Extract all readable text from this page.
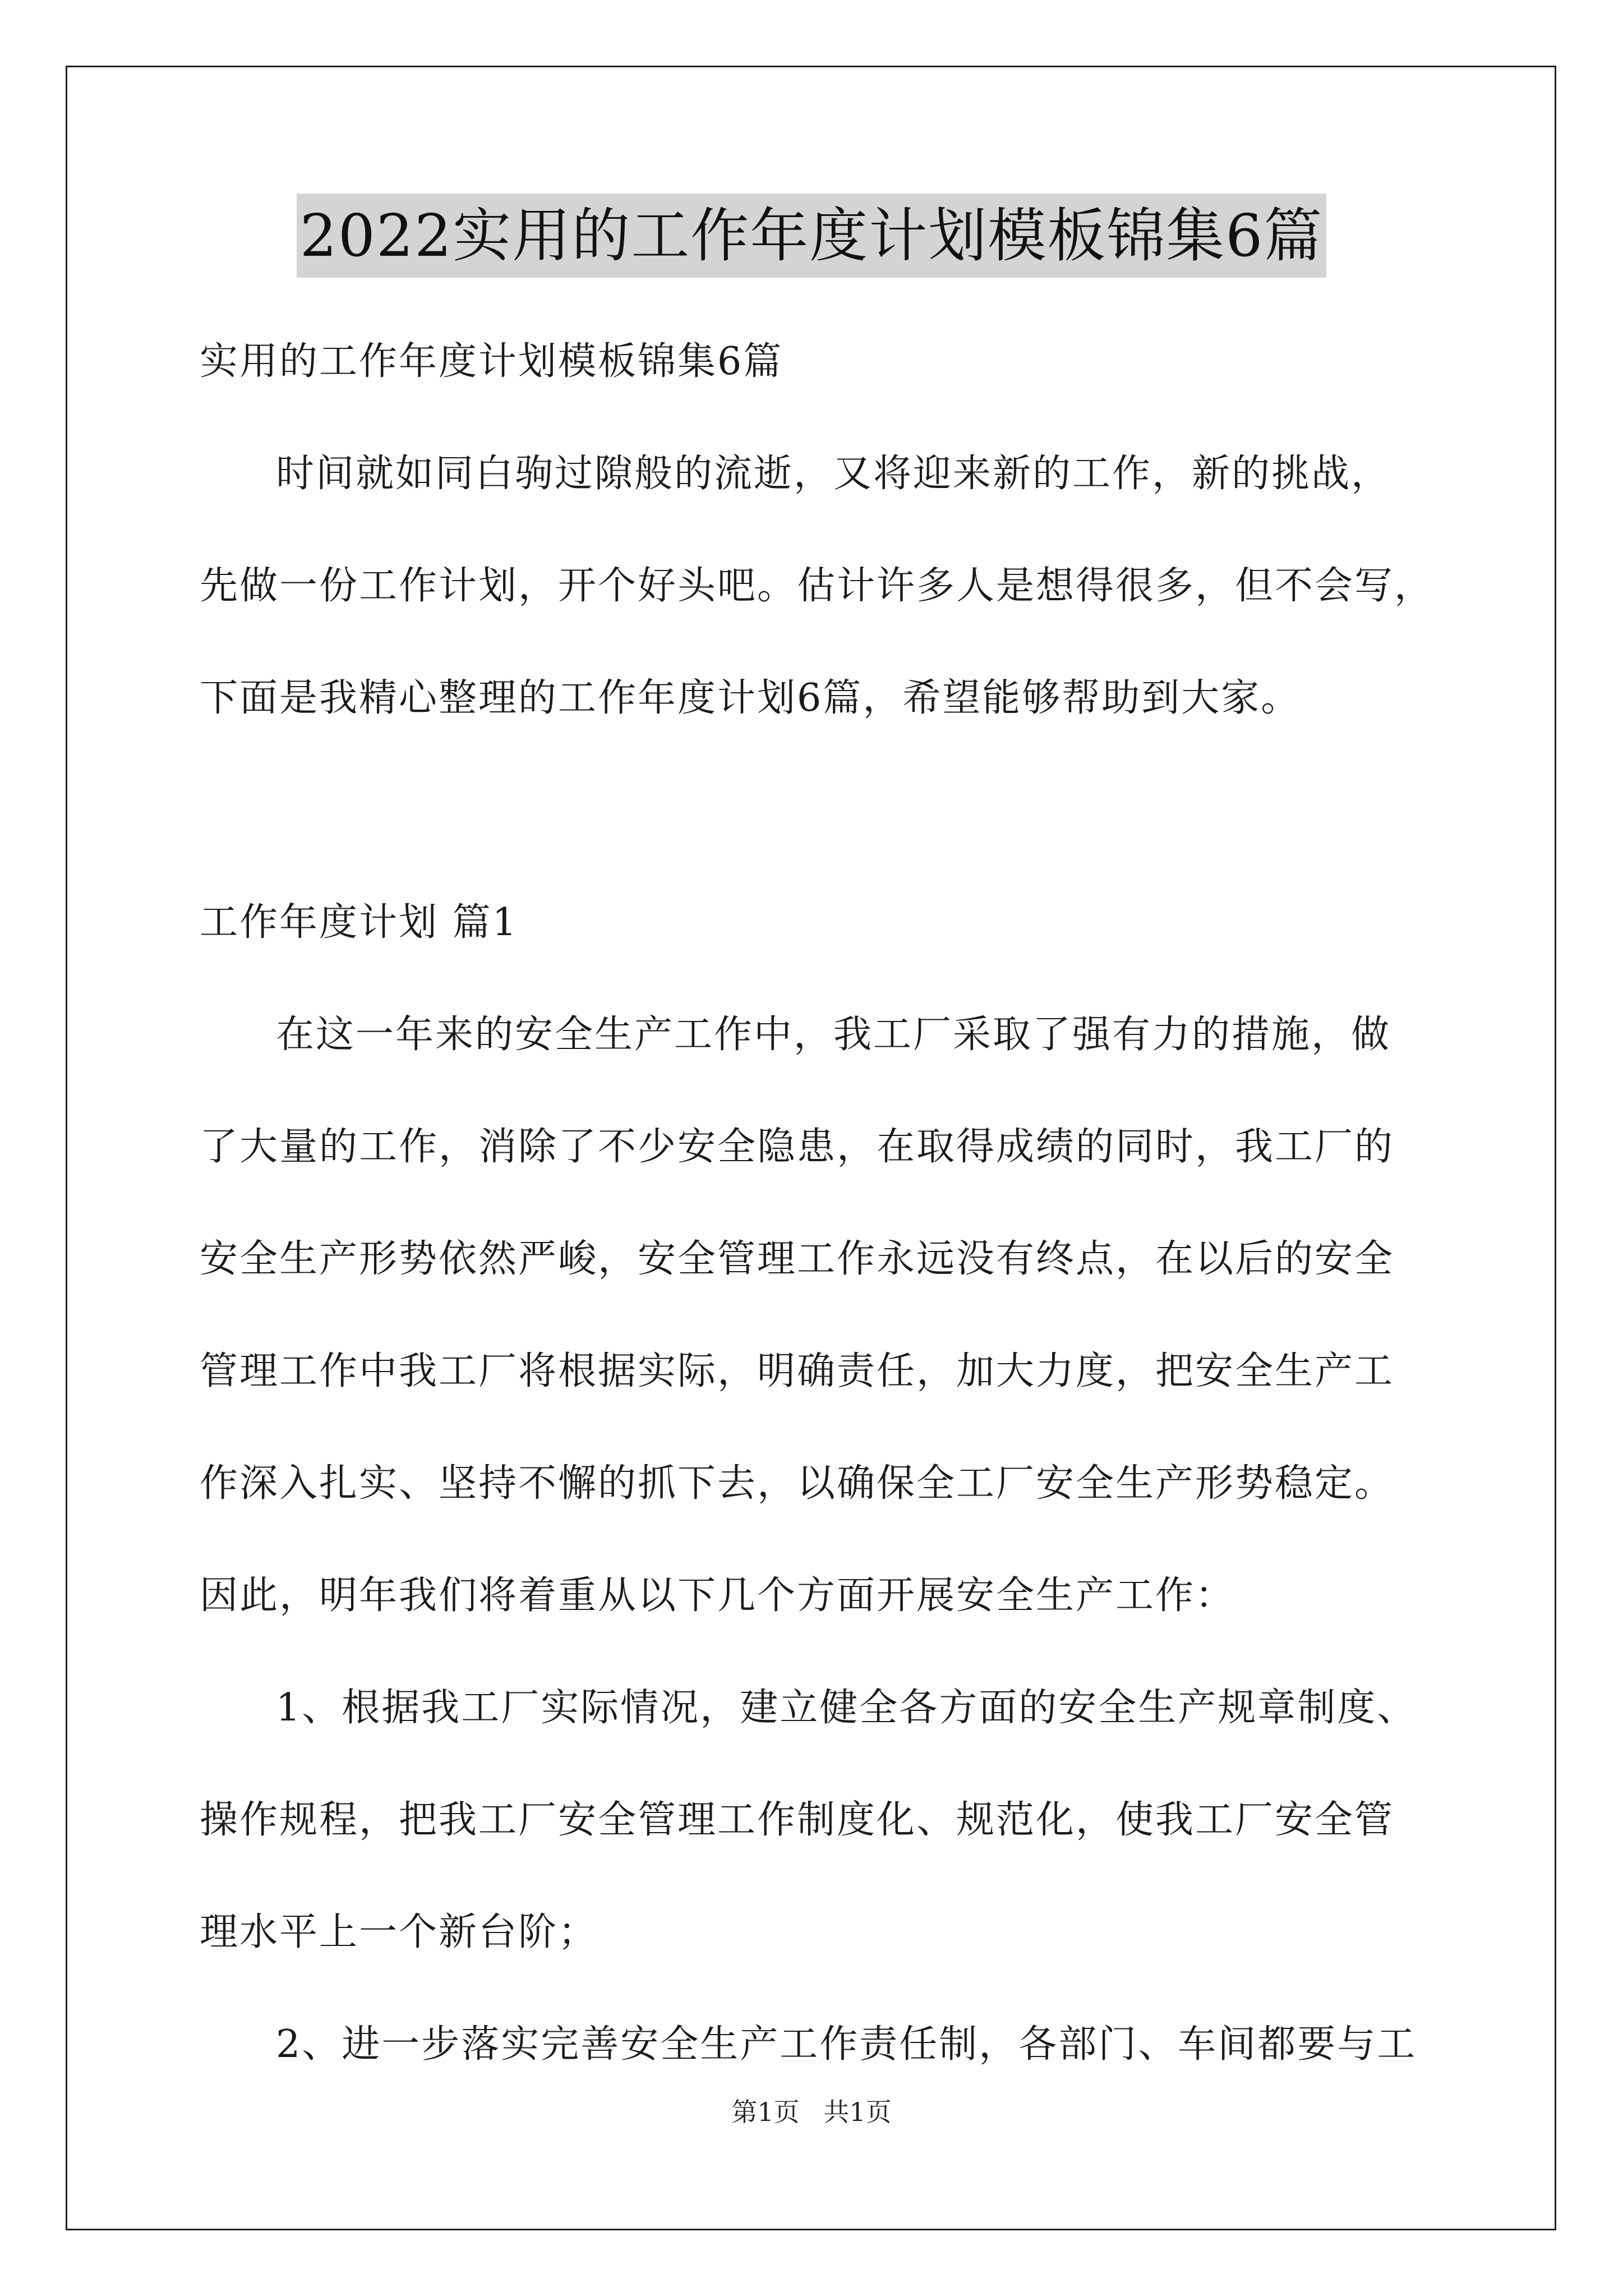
2022实用的工作年度计划模板锦集6篇

实用的工作年度计划模板锦集6篇

时间就如同白驹过隙般的流逝，又将迎来新的工作，新的挑战，

先做一份工作计划，开个好头吧。估计许多人是想得很多，但不会写，

下面是我精心整理的工作年度计划6篇，希望能够帮助到大家。

工作年度计划 篇1

在这一年来的安全生产工作中，我工厂采取了强有力的措施，做

了大量的工作，消除了不少安全隐患，在取得成绩的同时，我工厂的

安全生产形势依然严峻，安全管理工作永远没有终点，在以后的安全

管理工作中我工厂将根据实际，明确责任，加大力度，把安全生产工

作深入扎实、坚持不懈的抓下去，以确保全工厂安全生产形势稳定。

因此，明年我们将着重从以下几个方面开展安全生产工作：

1、根据我工厂实际情况，建立健全各方面的安全生产规章制度、

操作规程，把我工厂安全管理工作制度化、规范化，使我工厂安全管

理水平上一个新台阶；

2、进一步落实完善安全生产工作责任制，各部门、车间都要与工

第1页 共1页
